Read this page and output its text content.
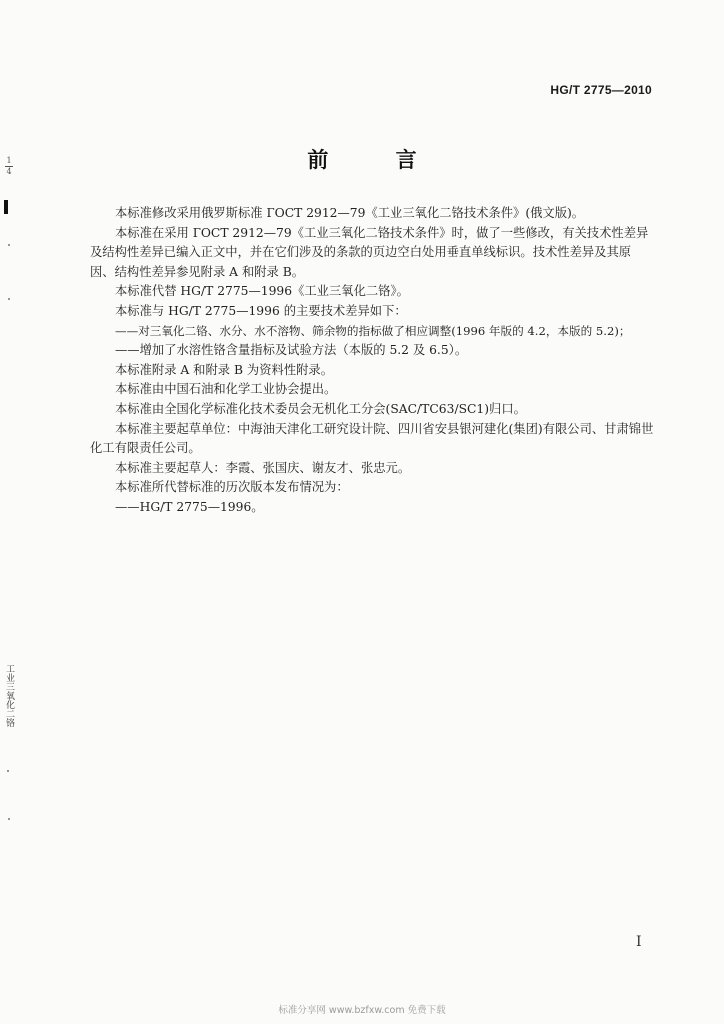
HG/T 2775—2010
前 言

本标准修改采用俄罗斯标准 ГОСТ 2912—79《工业三氧化二铬技术条件》(俄文版)。

本标准在采用 ГОСТ 2912—79《工业三氧化二铬技术条件》时，做了一些修改，有关技术性差异及结构性差异已编入正文中，并在它们涉及的条款的页边空白处用垂直单线标识。技术性差异及其原因、结构性差异参见附录 A 和附录 B。

本标准代替 HG/T 2775—1996《工业三氧化二铬》。

本标准与 HG/T 2775—1996 的主要技术差异如下：

——对三氧化二铬、水分、水不溶物、筛余物的指标做了相应调整(1996 年版的 4.2，本版的 5.2)；

——增加了水溶性铬含量指标及试验方法（本版的 5.2 及 6.5）。

本标准附录 A 和附录 B 为资料性附录。

本标准由中国石油和化学工业协会提出。

本标准由全国化学标准化技术委员会无机化工分会(SAC/TC63/SC1)归口。

本标准主要起草单位：中海油天津化工研究设计院、四川省安县银河建化(集团)有限公司、甘肃锦世化工有限责任公司。

本标准主要起草人：李霞、张国庆、谢友才、张忠元。

本标准所代替标准的历次版本发布情况为：

——HG/T 2775—1996。

I
1
4
工业三氧化二铬
标准分享网 www.bzfxw.com 免费下载
